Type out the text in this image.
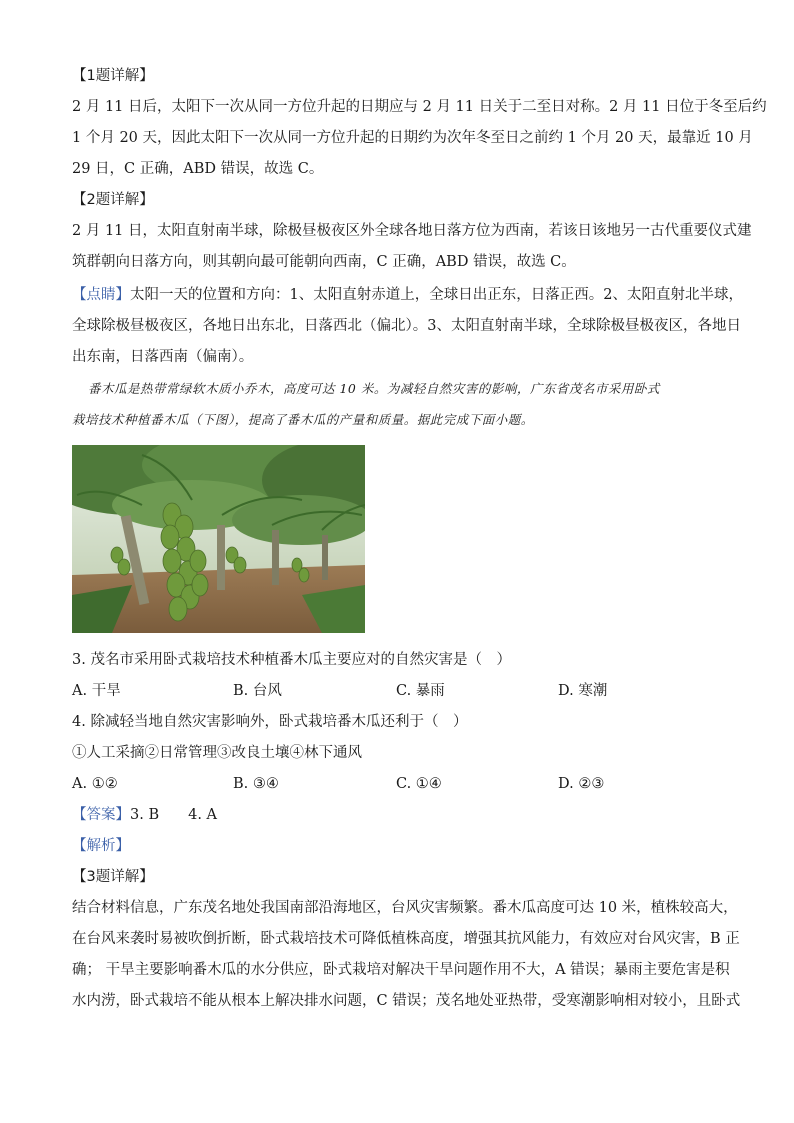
【1题详解】
2 月 11 日后，太阳下一次从同一方位升起的日期应与 2 月 11 日关于二至日对称。2 月 11 日位于冬至后约
1 个月 20 天，因此太阳下一次从同一方位升起的日期约为次年冬至日之前约 1 个月 20 天，最靠近 10 月
29 日，C 正确，ABD 错误，故选 C。
【2题详解】
2 月 11 日，太阳直射南半球，除极昼极夜区外全球各地日落方位为西南，若该日该地另一古代重要仪式建
筑群朝向日落方向，则其朝向最可能朝向西南，C 正确，ABD 错误，故选 C。
【点睛】太阳一天的位置和方向：1、太阳直射赤道上，全球日出正东，日落正西。2、太阳直射北半球，
全球除极昼极夜区，各地日出东北，日落西北（偏北）。3、太阳直射南半球，全球除极昼极夜区，各地日
出东南，日落西南（偏南）。
番木瓜是热带常绿软木质小乔木，高度可达 10 米。为减轻自然灾害的影响，广东省茂名市采用卧式
栽培技术种植番木瓜（下图），提高了番木瓜的产量和质量。据此完成下面小题。
3. 茂名市采用卧式栽培技术种植番木瓜主要应对的自然灾害是（　）
A. 干旱	B. 台风	C. 暴雨	D. 寒潮
4. 除减轻当地自然灾害影响外，卧式栽培番木瓜还利于（　）
①人工采摘②日常管理③改良土壤④林下通风
A. ①②	B. ③④	C. ①④	D. ②③
【答案】3. B　　4. A
【解析】
【3题详解】
结合材料信息，广东茂名地处我国南部沿海地区，台风灾害频繁。番木瓜高度可达 10 米，植株较高大，
在台风来袭时易被吹倒折断，卧式栽培技术可降低植株高度，增强其抗风能力，有效应对台风灾害，B 正
确； 干旱主要影响番木瓜的水分供应，卧式栽培对解决干旱问题作用不大，A 错误；暴雨主要危害是积
水内涝，卧式栽培不能从根本上解决排水问题，C 错误；茂名地处亚热带，受寒潮影响相对较小，且卧式
